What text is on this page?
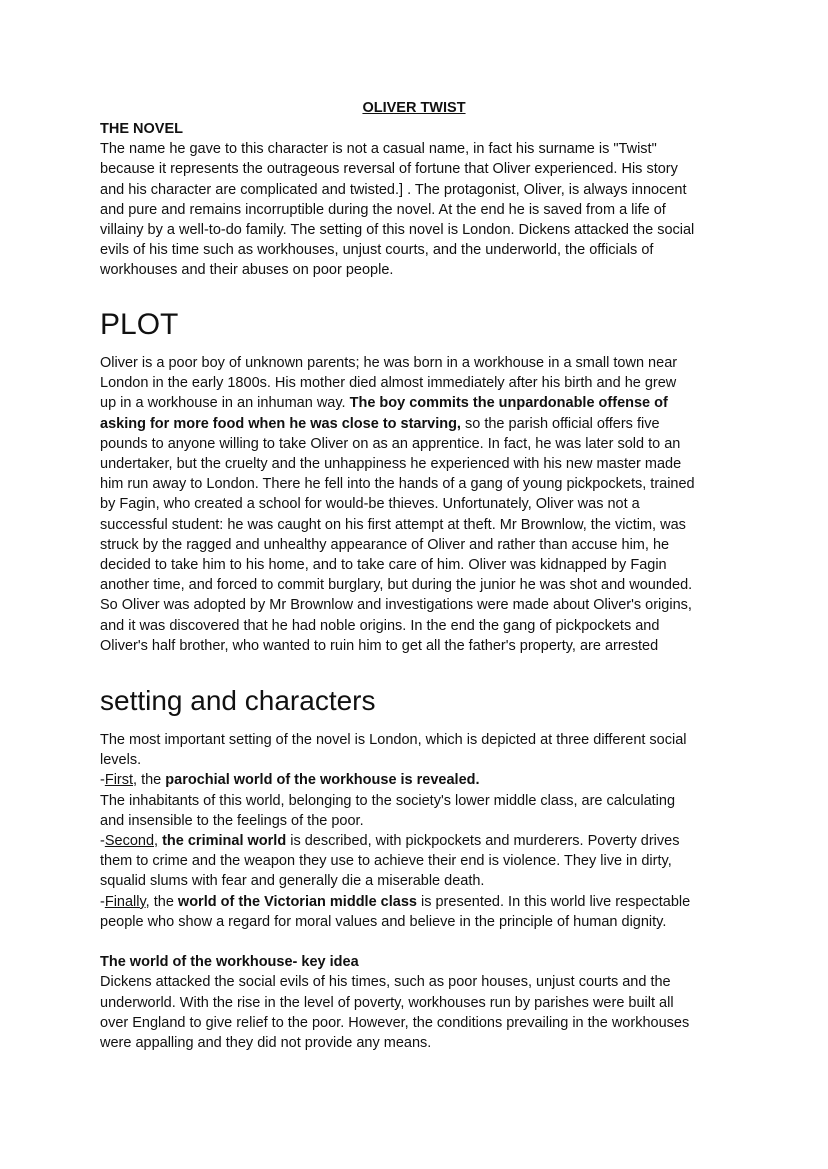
OLIVER TWIST
THE NOVEL
The name he gave to this character is not a casual name, in fact his surname is "Twist"
because it represents the outrageous reversal of fortune that Oliver experienced. His story
and his character are complicated and twisted.] . The protagonist, Oliver, is always innocent
and pure and remains incorruptible during the novel. At the end he is saved from a life of
villainy by a well-to-do family. The setting of this novel is London. Dickens attacked the social
evils of his time such as workhouses, unjust courts, and the underworld, the officials of
workhouses and their abuses on poor people.
PLOT
Oliver is a poor boy of unknown parents; he was born in a workhouse in a small town near
London in the early 1800s. His mother died almost immediately after his birth and he grew
up in a workhouse in an inhuman way. The boy commits the unpardonable offense of
asking for more food when he was close to starving, so the parish official offers five
pounds to anyone willing to take Oliver on as an apprentice. In fact, he was later sold to an
undertaker, but the cruelty and the unhappiness he experienced with his new master made
him run away to London. There he fell into the hands of a gang of young pickpockets, trained
by Fagin, who created a school for would-be thieves. Unfortunately, Oliver was not a
successful student: he was caught on his first attempt at theft. Mr Brownlow, the victim, was
struck by the ragged and unhealthy appearance of Oliver and rather than accuse him, he
decided to take him to his home, and to take care of him. Oliver was kidnapped by Fagin
another time, and forced to commit burglary, but during the junior he was shot and wounded.
So Oliver was adopted by Mr Brownlow and investigations were made about Oliver's origins,
and it was discovered that he had noble origins. In the end the gang of pickpockets and
Oliver's half brother, who wanted to ruin him to get all the father's property, are arrested
setting and characters
The most important setting of the novel is London, which is depicted at three different social
levels.
-First, the parochial world of the workhouse is revealed.
The inhabitants of this world, belonging to the society's lower middle class, are calculating
and insensible to the feelings of the poor.
-Second, the criminal world is described, with pickpockets and murderers. Poverty drives
them to crime and the weapon they use to achieve their end is violence. They live in dirty,
squalid slums with fear and generally die a miserable death.
-Finally, the world of the Victorian middle class is presented. In this world live respectable
people who show a regard for moral values and believe in the principle of human dignity.

The world of the workhouse- key idea
Dickens attacked the social evils of his times, such as poor houses, unjust courts and the
underworld. With the rise in the level of poverty, workhouses run by parishes were built all
over England to give relief to the poor. However, the conditions prevailing in the workhouses
were appalling and they did not provide any means.
